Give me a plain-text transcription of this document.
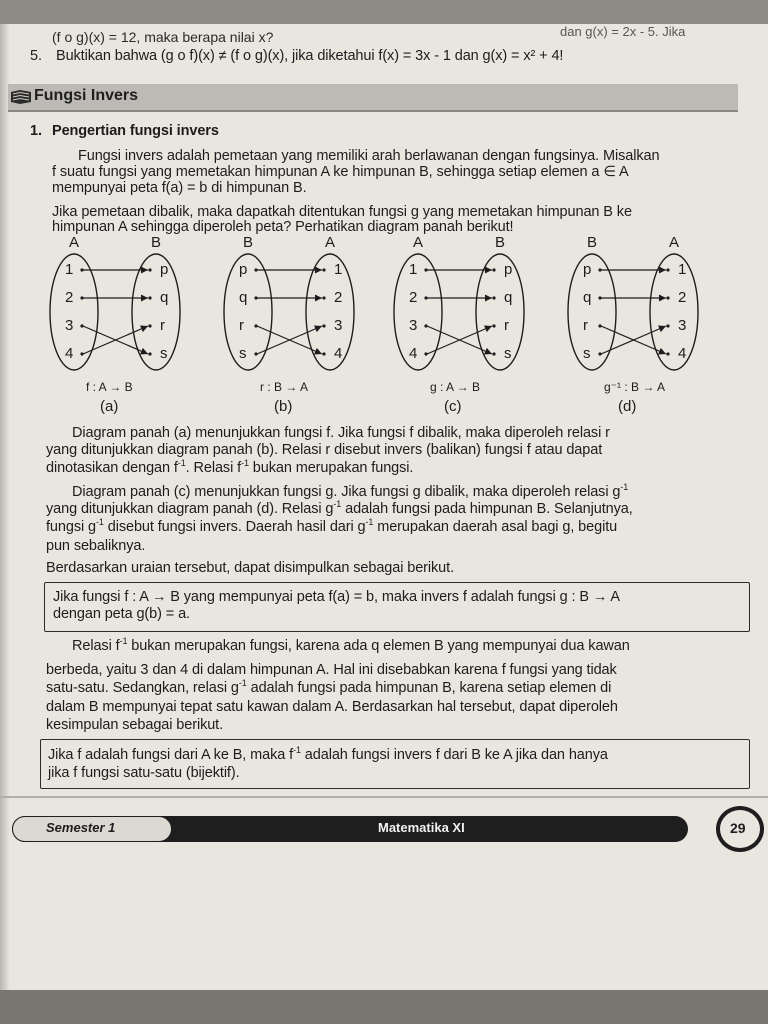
(f o g)(x) = 12, maka berapa nilai x?	dan g(x) = 2x - 5. Jika
5. Buktikan bahwa (g o f)(x) ≠ (f o g)(x), jika diketahui f(x) = 3x - 1 dan g(x) = x² + 4!
Fungsi Invers
1. Pengertian fungsi invers
Fungsi invers adalah pemetaan yang memiliki arah berlawanan dengan fungsinya. Misalkan
f suatu fungsi yang memetakan himpunan A ke himpunan B, sehingga setiap elemen a ∈ A
mempunyai peta f(a) = b di himpunan B.
Jika pemetaan dibalik, maka dapatkah ditentukan fungsi g yang memetakan himpunan B ke
himpunan A sehingga diperoleh peta? Perhatikan diagram panah berikut!
A	B
1	p
2	q
3	r
4	s
f : A → B
(a)
B	A
p	1
q	2
r	3
s	4
r : B → A
(b)
A	B
1	p
2	q
3	r
4	s
g : A → B
(c)
B	A
p	1
q	2
r	3
s	4
g⁻¹ : B → A
(d)
Diagram panah (a) menunjukkan fungsi f. Jika fungsi f dibalik, maka diperoleh relasi r
yang ditunjukkan diagram panah (b). Relasi r disebut invers (balikan) fungsi f atau dapat
dinotasikan dengan $f^{-1}$. Relasi $f^{-1}$ bukan merupakan fungsi.
Diagram panah (c) menunjukkan fungsi g. Jika fungsi g dibalik, maka diperoleh relasi $g^{-1}$
yang ditunjukkan diagram panah (d). Relasi $g^{-1}$ adalah fungsi pada himpunan B. Selanjutnya,
fungsi $g^{-1}$ disebut fungsi invers. Daerah hasil dari $g^{-1}$ merupakan daerah asal bagi g, begitu
pun sebaliknya.
Berdasarkan uraian tersebut, dapat disimpulkan sebagai berikut.
Jika fungsi f : A → B yang mempunyai peta f(a) = b, maka invers f adalah fungsi g : B → A
dengan peta g(b) = a.
Relasi $f^{-1}$ bukan merupakan fungsi, karena ada q elemen B yang mempunyai dua kawan
berbeda, yaitu 3 dan 4 di dalam himpunan A. Hal ini disebabkan karena f fungsi yang tidak
satu-satu. Sedangkan, relasi $g^{-1}$ adalah fungsi pada himpunan B, karena setiap elemen di
dalam B mempunyai tepat satu kawan dalam A. Berdasarkan hal tersebut, dapat diperoleh
kesimpulan sebagai berikut.
Jika f adalah fungsi dari A ke B, maka $f^{-1}$ adalah fungsi invers f dari B ke A jika dan hanya
jika f fungsi satu-satu (bijektif).
Semester 1	Matematika XI	29
